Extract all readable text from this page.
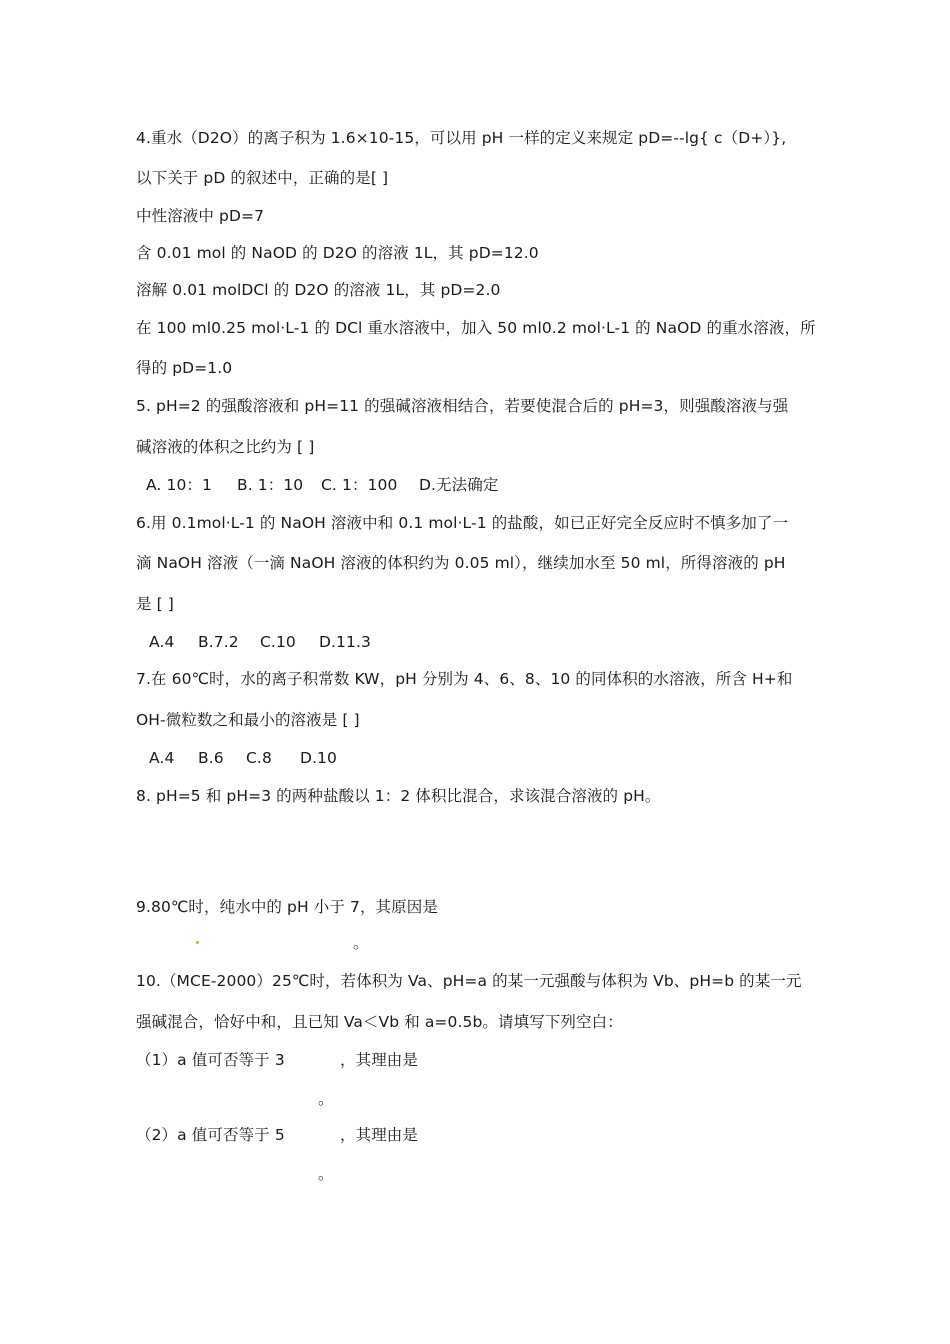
4.重水（D2O）的离子积为 1.6×10-15，可以用 pH 一样的定义来规定 pD=--lg{ c（D+）},
以下关于 pD 的叙述中，正确的是[ ]
中性溶液中 pD=7
含 0.01 mol 的 NaOD 的 D2O 的溶液 1L，其 pD=12.0
溶解 0.01 molDCl 的 D2O 的溶液 1L，其 pD=2.0
在 100 ml0.25 mol·L-1 的 DCl 重水溶液中，加入 50 ml0.2 mol·L-1 的 NaOD 的重水溶液，所
得的 pD=1.0
5. pH=2 的强酸溶液和 pH=11 的强碱溶液相结合，若要使混合后的 pH=3，则强酸溶液与强
碱溶液的体积之比约为 [ ]
A. 10：1 B. 1：10 C. 1：100 D.无法确定
6.用 0.1mol·L-1 的 NaOH 溶液中和 0.1 mol·L-1 的盐酸，如已正好完全反应时不慎多加了一
滴 NaOH 溶液（一滴 NaOH 溶液的体积约为 0.05 ml），继续加水至 50 ml，所得溶液的 pH
是 [ ]
A.4 B.7.2 C.10 D.11.3
7.在 60℃时，水的离子积常数 KW，pH 分别为 4、6、8、10 的同体积的水溶液，所含 H+和
OH-微粒数之和最小的溶液是 [ ]
A.4 B.6 C.8 D.10
8. pH=5 和 pH=3 的两种盐酸以 1：2 体积比混合，求该混合溶液的 pH。
9.80℃时，纯水中的 pH 小于 7，其原因是
。
10.（MCE-2000）25℃时，若体积为 Va、pH=a 的某一元强酸与体积为 Vb、pH=b 的某一元
强碱混合，恰好中和，且已知 Va＜Vb 和 a=0.5b。请填写下列空白：
（1）a 值可否等于 3	，其理由是
。
（2）a 值可否等于 5	，其理由是
。
